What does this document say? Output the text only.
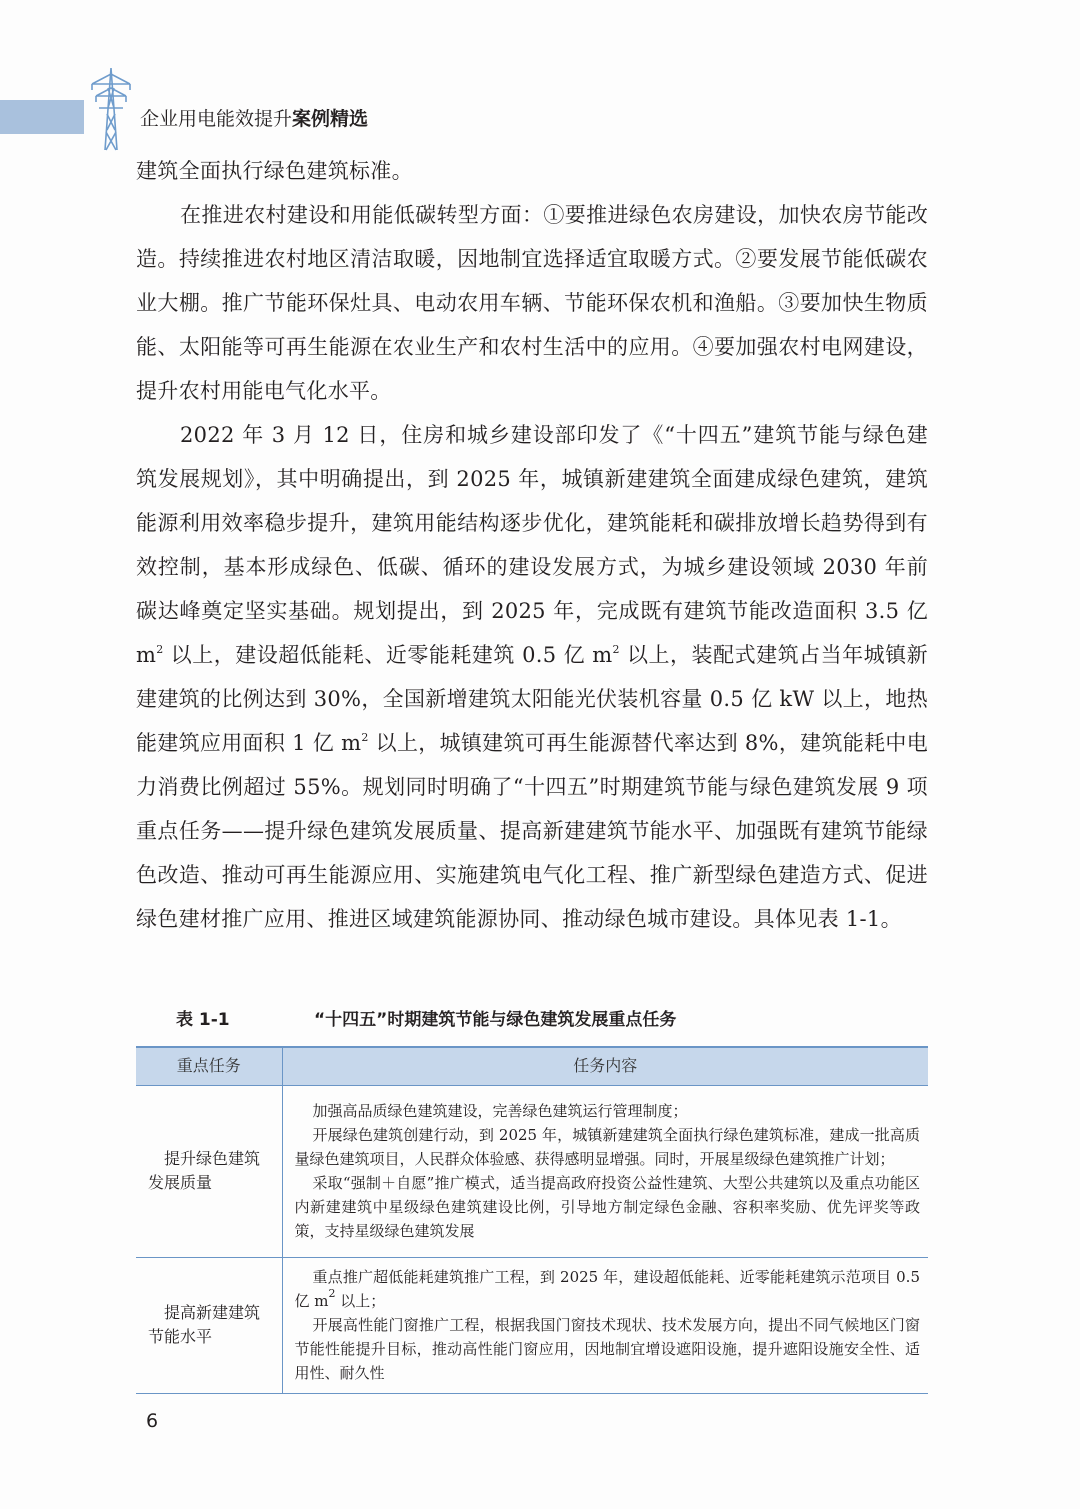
企业用电能效提升案例精选

建筑全面执行绿色建筑标准。

在推进农村建设和用能低碳转型方面：①要推进绿色农房建设，加快农房节能改造。持续推进农村地区清洁取暖，因地制宜选择适宜取暖方式。②要发展节能低碳农业大棚。推广节能环保灶具、电动农用车辆、节能环保农机和渔船。③要加快生物质能、太阳能等可再生能源在农业生产和农村生活中的应用。④要加强农村电网建设，提升农村用能电气化水平。

2022 年 3 月 12 日，住房和城乡建设部印发了《“十四五”建筑节能与绿色建筑发展规划》，其中明确提出，到 2025 年，城镇新建建筑全面建成绿色建筑，建筑能源利用效率稳步提升，建筑用能结构逐步优化，建筑能耗和碳排放增长趋势得到有效控制，基本形成绿色、低碳、循环的建设发展方式，为城乡建设领域 2030 年前碳达峰奠定坚实基础。规划提出，到 2025 年，完成既有建筑节能改造面积 3.5 亿 $m^2$ 以上，建设超低能耗、近零能耗建筑 0.5 亿 $m^2$ 以上，装配式建筑占当年城镇新建建筑的比例达到 30%，全国新增建筑太阳能光伏装机容量 0.5 亿 kW 以上，地热能建筑应用面积 1 亿 $m^2$ 以上，城镇建筑可再生能源替代率达到 8%，建筑能耗中电力消费比例超过 55%。规划同时明确了“十四五”时期建筑节能与绿色建筑发展 9 项重点任务——提升绿色建筑发展质量、提高新建建筑节能水平、加强既有建筑节能绿色改造、推动可再生能源应用、实施建筑电气化工程、推广新型绿色建造方式、促进绿色建材推广应用、推进区域建筑能源协同、推动绿色城市建设。具体见表 1-1。

表 1-1	“十四五”时期建筑节能与绿色建筑发展重点任务
重点任务	任务内容
提升绿色建筑发展质量	加强高品质绿色建筑建设，完善绿色建筑运行管理制度；

开展绿色建筑创建行动，到 2025 年，城镇新建建筑全面执行绿色建筑标准，建成一批高质量绿色建筑项目，人民群众体验感、获得感明显增强。同时，开展星级绿色建筑推广计划；

采取“强制＋自愿”推广模式，适当提高政府投资公益性建筑、大型公共建筑以及重点功能区内新建建筑中星级绿色建筑建设比例，引导地方制定绿色金融、容积率奖励、优先评奖等政策，支持星级绿色建筑发展

提高新建建筑节能水平	重点推广超低能耗建筑推广工程，到 2025 年，建设超低能耗、近零能耗建筑示范项目 0.5 亿 $m^2$ 以上；

开展高性能门窗推广工程，根据我国门窗技术现状、技术发展方向，提出不同气候地区门窗节能性能提升目标，推动高性能门窗应用，因地制宜增设遮阳设施，提升遮阳设施安全性、适用性、耐久性

6
